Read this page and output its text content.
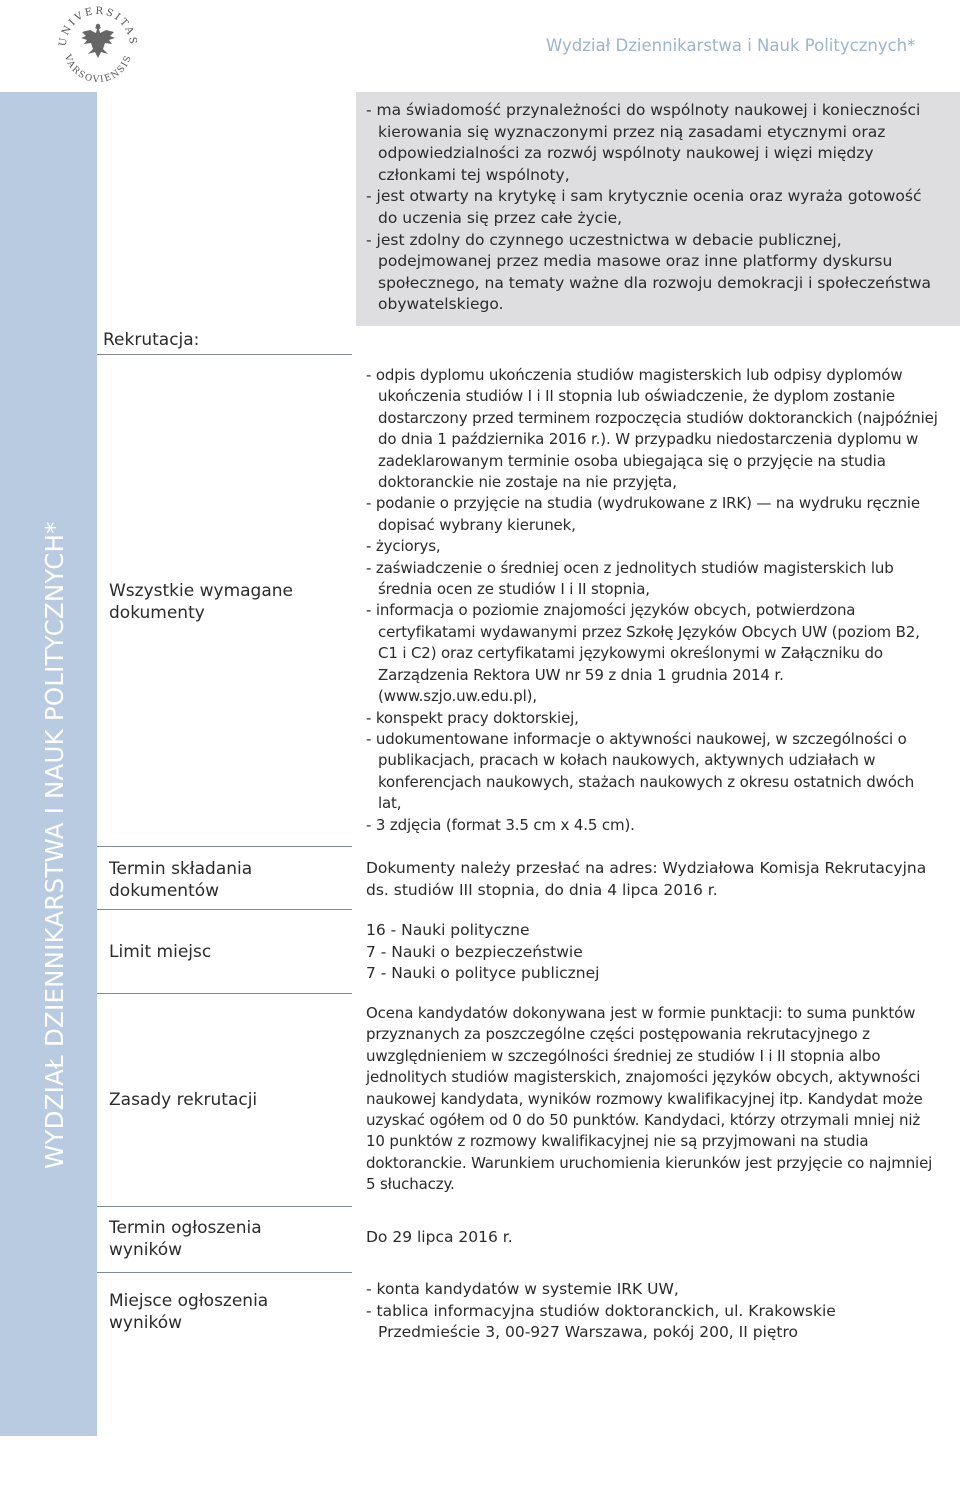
UNIVERSITAS
VARSOVIENSIS
Wydział Dziennikarstwa i Nauk Politycznych*
WYDZIAŁ DZIENNIKARSTWA I NAUK POLITYCZNYCH*
16
- ma świadomość przynależności do wspólnoty naukowej i konieczności kierowania się wyznaczonymi przez nią zasadami etycznymi oraz odpowiedzialności za rozwój wspólnoty naukowej i więzi między członkami tej wspólnoty,
- jest otwarty na krytykę i sam krytycznie ocenia oraz wyraża gotowość do uczenia się przez całe życie,
- jest zdolny do czynnego uczestnictwa w debacie publicznej, podejmowanej przez media masowe oraz inne platformy dyskursu społecznego, na tematy ważne dla rozwoju demokracji i społeczeństwa obywatelskiego.
Rekrutacja:
Wszystkie wymagane dokumenty
Termin składania dokumentów
Limit miejsc
Zasady rekrutacji
Termin ogłoszenia wyników
Miejsce ogłoszenia wyników
- odpis dyplomu ukończenia studiów magisterskich lub odpisy dyplomów ukończenia studiów I i II stopnia lub oświadczenie, że dyplom zostanie dostarczony przed terminem rozpoczęcia studiów doktoranckich (najpóźniej do dnia 1 października 2016 r.). W przypadku niedostarczenia dyplomu w zadeklarowanym terminie osoba ubiegająca się o przyjęcie na studia doktoranckie nie zostaje na nie przyjęta,
- podanie o przyjęcie na studia (wydrukowane z IRK) — na wydruku ręcznie dopisać wybrany kierunek,
- życiorys,
- zaświadczenie o średniej ocen z jednolitych studiów magisterskich lub średnia ocen ze studiów I i II stopnia,
- informacja o poziomie znajomości języków obcych, potwierdzona certyfikatami wydawanymi przez Szkołę Języków Obcych UW (poziom B2, C1 i C2) oraz certyfikatami językowymi określonymi w Załączniku do Zarządzenia Rektora UW nr 59 z dnia 1 grudnia 2014 r. (www.szjo.uw.edu.pl),
- konspekt pracy doktorskiej,
- udokumentowane informacje o aktywności naukowej, w szczególności o publikacjach, pracach w kołach naukowych, aktywnych udziałach w konferencjach naukowych, stażach naukowych z okresu ostatnich dwóch lat,
- 3 zdjęcia (format 3.5 cm x 4.5 cm).

Dokumenty należy przesłać na adres: Wydziałowa Komisja Rekrutacyjna ds. studiów III stopnia, do dnia 4 lipca 2016 r.

16 - Nauki polityczne

7 - Nauki o bezpieczeństwie

7 - Nauki o polityce publicznej

Ocena kandydatów dokonywana jest w formie punktacji: to suma punktów przyznanych za poszczególne części postępowania rekrutacyjnego z uwzględnieniem w szczególności średniej ze studiów I i II stopnia albo jednolitych studiów magisterskich, znajomości języków obcych, aktywności naukowej kandydata, wyników rozmowy kwalifikacyjnej itp. Kandydat może uzyskać ogółem od 0 do 50 punktów. Kandydaci, którzy otrzymali mniej niż 10 punktów z rozmowy kwalifikacyjnej nie są przyjmowani na studia doktoranckie. Warunkiem uruchomienia kierunków jest przyjęcie co najmniej 5 słuchaczy.

Do 29 lipca 2016 r.

- konta kandydatów w systemie IRK UW,
- tablica informacyjna studiów doktoranckich, ul. Krakowskie Przedmieście 3, 00-927 Warszawa, pokój 200, II piętro
